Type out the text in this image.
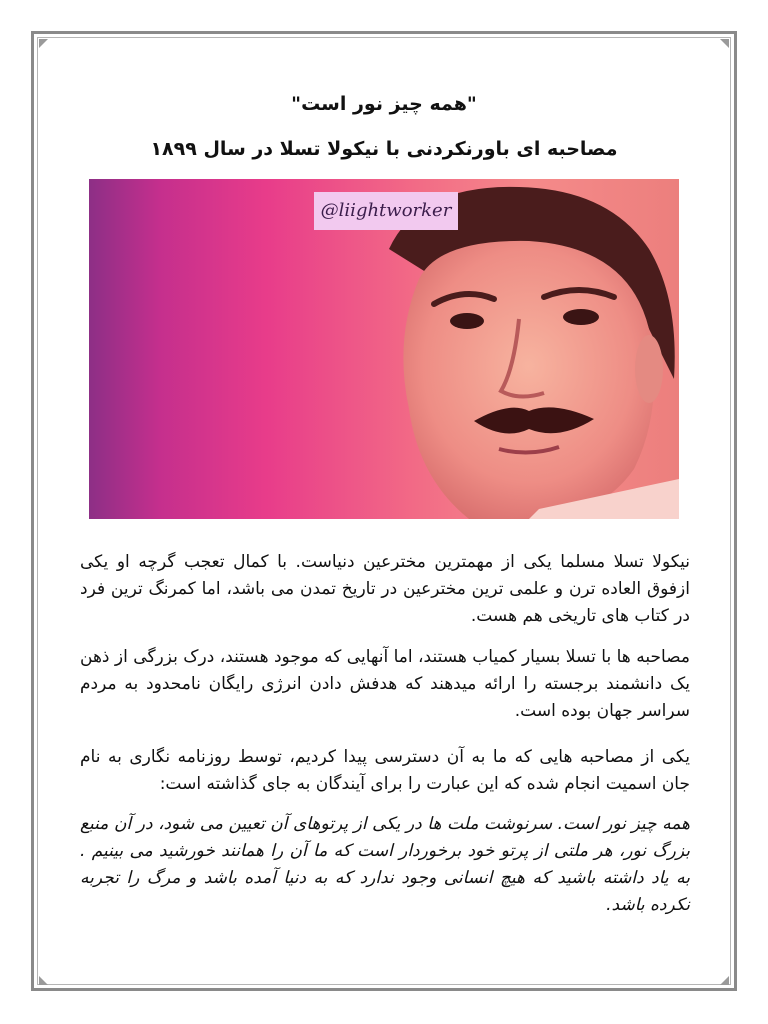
"همه چیز نور است"
مصاحبه ای باورنکردنی با نیکولا تسلا در سال ۱۸۹۹
@liightworker

نیکولا تسلا مسلما یکی از مهمترین مخترعین دنیاست. با کمال تعجب گرچه او یکی ازفوق العاده ترن و علمی ترین مخترعین در تاریخ تمدن می باشد، اما کمرنگ ترین فرد در کتاب های تاریخی هم هست.

مصاحبه ها با تسلا بسیار کمیاب هستند، اما آنهایی که موجود هستند، درک بزرگی از ذهن یک دانشمند برجسته را ارائه میدهند که هدفش دادن انرژی رایگان نامحدود به مردم سراسر جهان بوده است.

یکی از مصاحبه هایی که ما به آن دسترسی پیدا کردیم، توسط روزنامه نگاری به نام جان اسمیت انجام شده که این عبارت را برای آیندگان به جای گذاشته است:

همه چیز نور است. سرنوشت ملت ها در یکی از پرتوهای آن تعیین می شود، در آن منبع بزرگ نور، هر ملتی از پرتو خود برخوردار است که ما آن را همانند خورشید می بینیم . به یاد داشته باشید که هیچ انسانی وجود ندارد که به دنیا آمده باشد و مرگ را تجربه نکرده باشد.
